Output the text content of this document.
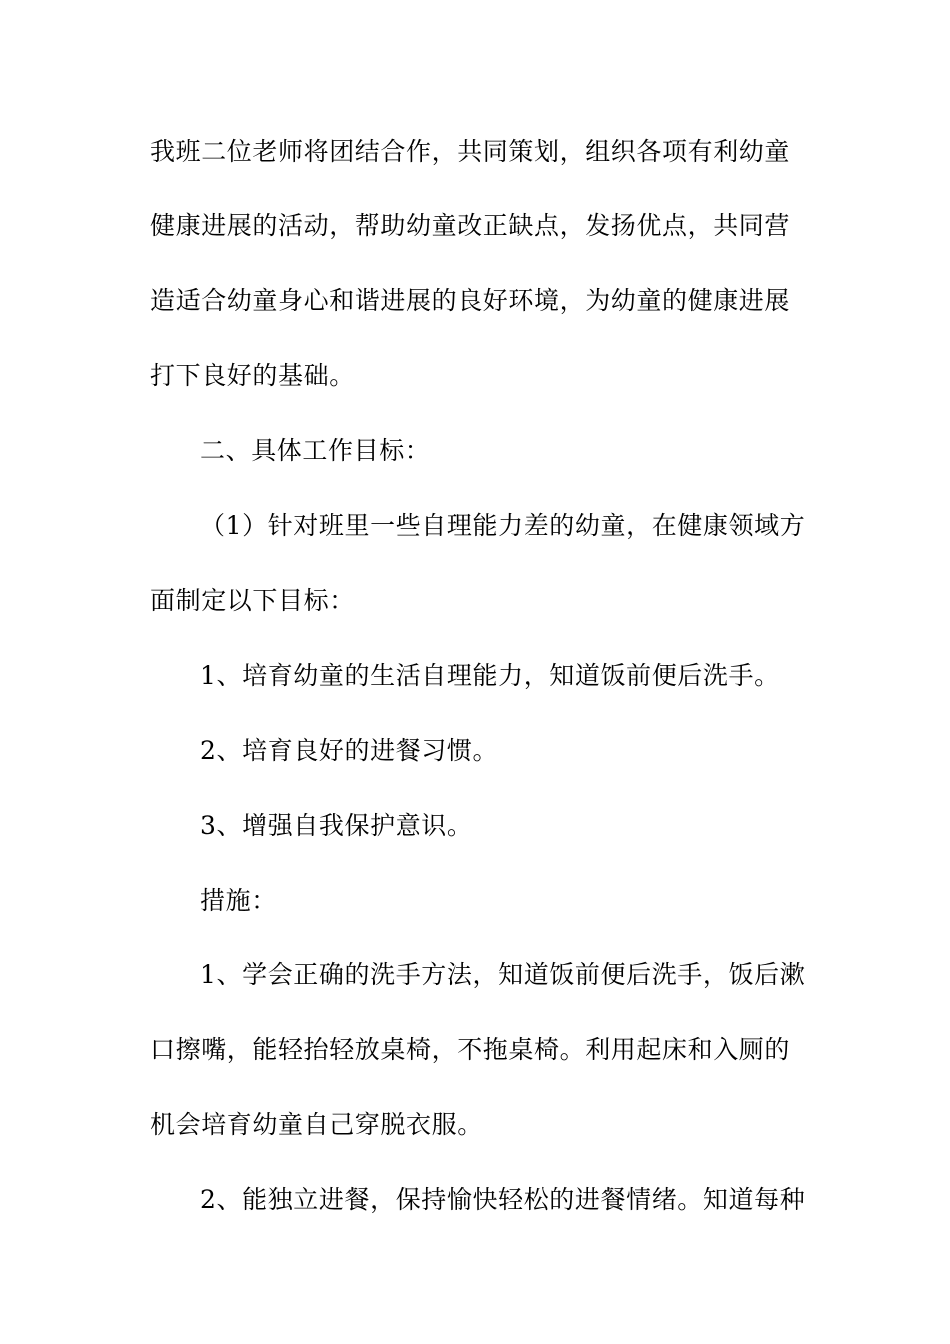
我班二位老师将团结合作，共同策划，组织各项有利幼童
健康进展的活动，帮助幼童改正缺点，发扬优点，共同营
造适合幼童身心和谐进展的良好环境，为幼童的健康进展
打下良好的基础。
二、具体工作目标：
（1）针对班里一些自理能力差的幼童，在健康领域方
面制定以下目标：
1、培育幼童的生活自理能力，知道饭前便后洗手。
2、培育良好的进餐习惯。
3、增强自我保护意识。
措施：
1、学会正确的洗手方法，知道饭前便后洗手，饭后漱
口擦嘴，能轻抬轻放桌椅，不拖桌椅。利用起床和入厕的
机会培育幼童自己穿脱衣服。
2、能独立进餐，保持愉快轻松的进餐情绪。知道每种
